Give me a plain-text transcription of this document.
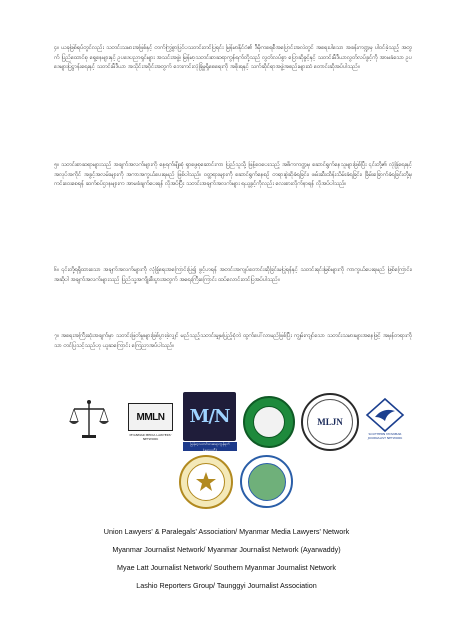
၄။ ယခုဖြစ်ရပ်တွင်လည်း သတင်းသမားအဖြစ်နှင့် တက်ကြွစွာပြင်ပသတင်းတင်ပြရင်း မြန်မာနိုင်ငံ၏ ဒီမိုကရေစီအပြောင်းအလဲတွင် အရေးပါသော အခန်းကဏ္ဍမှ ပါဝင်ခဲ့သည့် အတွက် ပြည်ထောင်စု ရှေ့နေများနှင့် ဥပဒေပညာရှင်များ အသင်းအဖွဲ့၊ မြန်မာ့သတင်းစာဆရာကွန်ရက်တို့သည် လွတ်လပ်စွာ ပြောဆိုခွင့်နှင့် သတင်းမီဒီယာလွတ်လပ်ခွင့်ကို အာမခံသော ဥပဒေများပြဋ္ဌာန်းရေးနှင့် သတင်းမီဒီယာ အသိုင်းအဝိုင်းအတွက် ဘေးကင်းလုံခြုံမှုရှိစေရေးကို အစိုးရနှင့် သက်ဆိုင်ရာအဖွဲ့အစည်းများထံ တောင်းဆိုအပ်ပါသည်။

၅။ သတင်းစာဆရာများသည် အချက်အလက်များကို နေ့ရက်မျိုးစုံ ရှာဖွေစုဆောင်းကာ ပြည်သူသို့ ဖြန့်ဝေပေးသည့် အဓိကကဏ္ဍမှ ဆောင်ရွက်နေသူများဖြစ်ပြီး ၎င်းတို့၏ လုံခြုံရေးနှင့် အလုပ်အကိုင် အခွင့်အလမ်းများကို အကာအကွယ်ပေးရမည် ဖြစ်ပါသည်။ ဝတ္တရားများကို ဆောင်ရွက်နေစဉ် တရားစွဲဆိုခံရခြင်း၊ ဖမ်းဆီးထိန်းသိမ်းခံရခြင်း၊ ခြိမ်းခြောက်ခံရခြင်းတို့မှ ကင်းဝေးစေရန် ဆက်စပ်ဌာနများက အာမခံချက်ပေးရန် လိုအပ်ပြီး သတင်းအချက်အလက်များ ရယူခွင့်ကိုလည်း လေးစားလိုက်နာရန် လိုအပ်ပါသည်။

၆။ ၎င်းတို့ရရှိထားသော အချက်အလက်များကို လုံခြုံရေးအကြောင်းပြ၍ ဖွင့်ဟရန် အတင်းအကျပ်တောင်းဆိုခြင်းမပြုရန်နှင့် သတင်းရင်းမြစ်များကို ကာကွယ်ပေးရမည် ဖြစ်ကြောင်း၊ အဆိုပါ အချက်အလက်များသည် ပြည်သူ့အကျိုးစီးပွားအတွက် အရေးကြီးကြောင်း ထပ်လောင်းတင်ပြအပ်ပါသည်။

၇။ အရေးအကြီးဆုံးအချက်မှာ သတင်းဖြတ်မှုများဖြစ်ပွားခဲ့လျှင် မည်သည့်သတင်းမျှမပြည့်စုံဘဲ ထွက်ပေါ်လာမည်ဖြစ်ပြီး ကျွမ်းကျင်သော သတင်းသမားများအနေဖြင့် အမှန်တရားကိုသာ တင်ပြသင့်သည်ဟု ယူဆကြောင်း ကြေညာအပ်ပါသည်။

MMLN
MYANMAR MEDIA LAWYERS' NETWORK
M/N
မြန်မာ့သတင်းစာဆရာကွန်ရက် (ဧရာဝတီ)
MLJN
SOUTHERN MYANMAR JOURNALIST NETWORK

Union Lawyers' & Paralegals' Association/ Myanmar Media Lawyers' Network

Myanmar Journalist Network/ Myanmar Journalist Network (Ayarwaddy)

Myae Latt Journalist Network/ Southern Myanmar Journalist Network

Lashio Reporters Group/ Taunggyi Journalist Association
